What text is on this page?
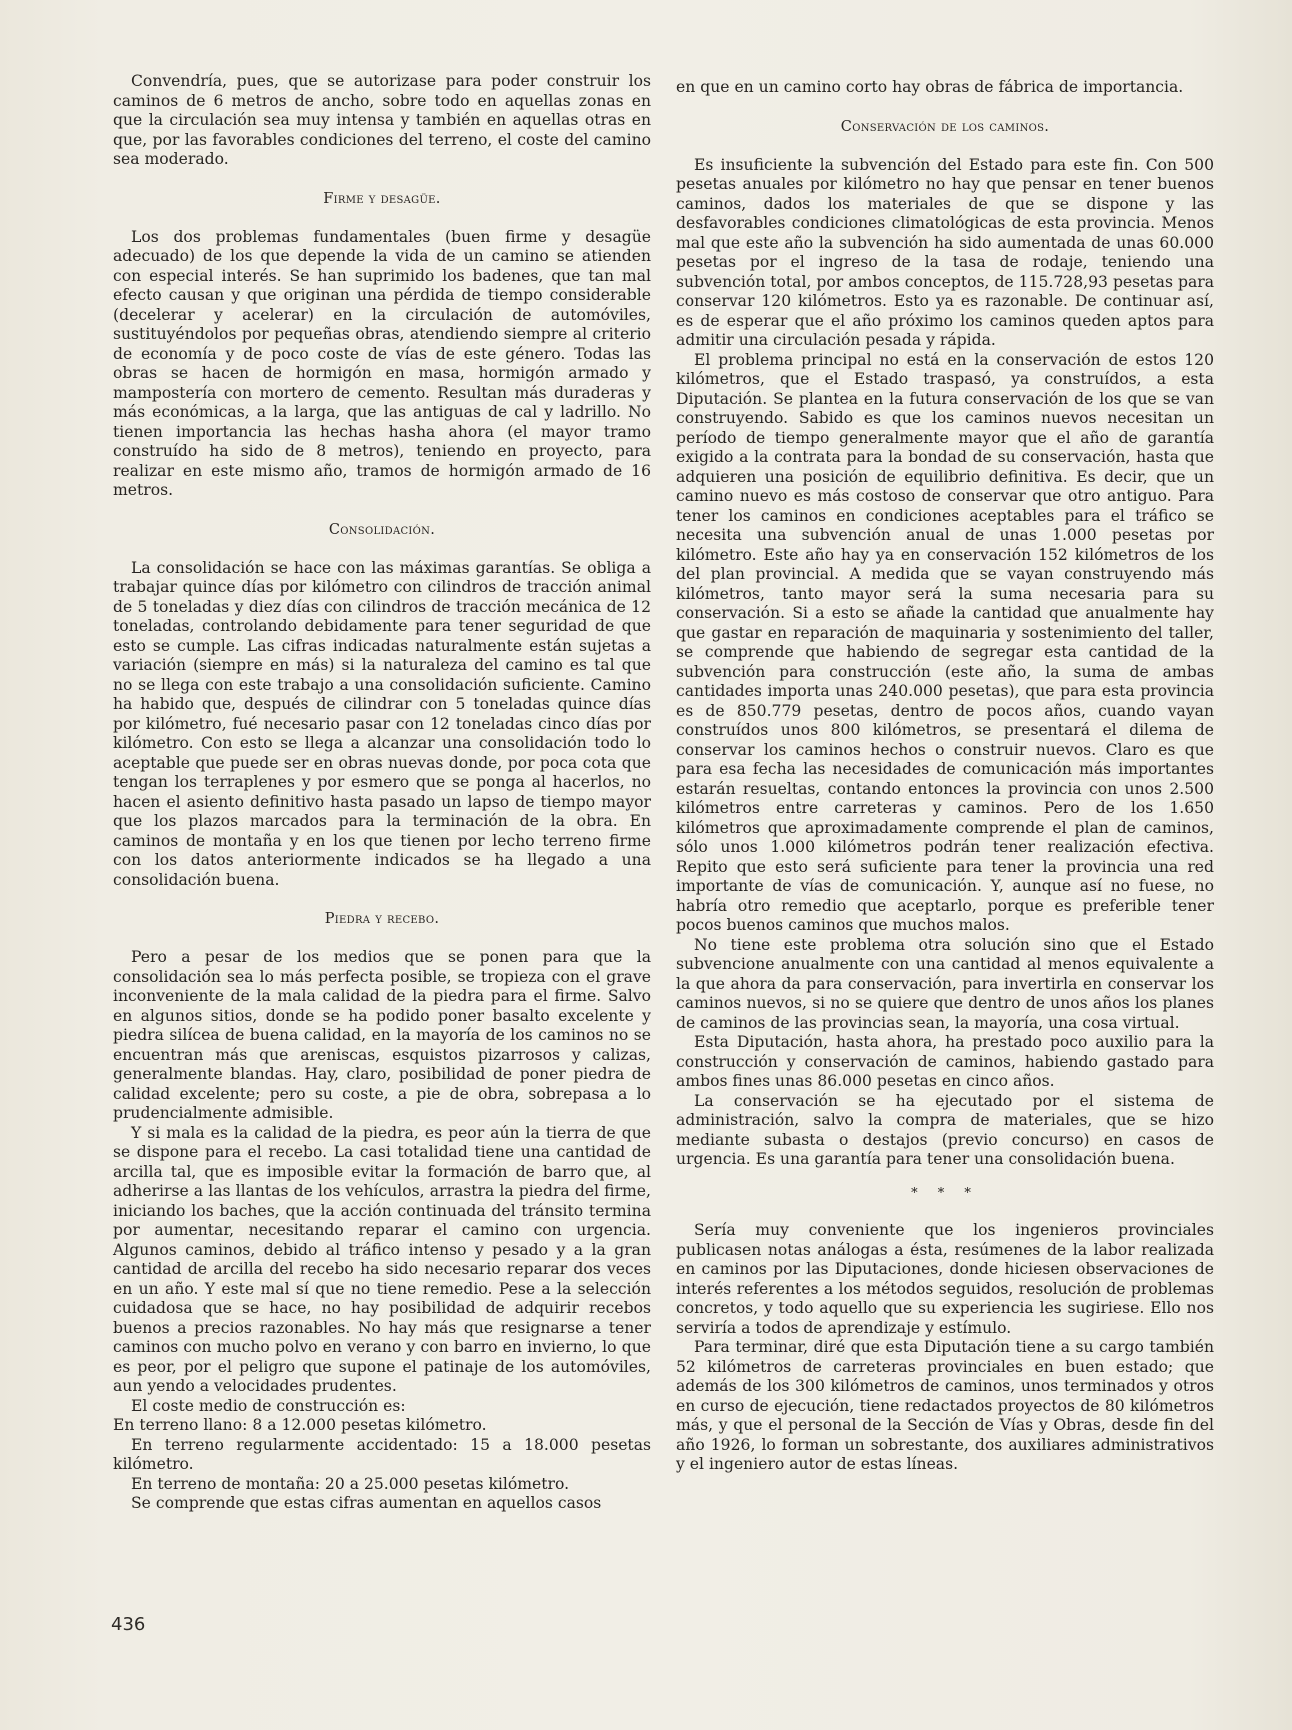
Convendría, pues, que se autorizase para poder construir los caminos de 6 metros de ancho, sobre todo en aquellas zonas en que la circulación sea muy intensa y también en aquellas otras en que, por las favorables condiciones del terreno, el coste del camino sea moderado.

Firme y desagüe.

Los dos problemas fundamentales (buen firme y desagüe adecuado) de los que depende la vida de un camino se atienden con especial interés. Se han suprimido los badenes, que tan mal efecto causan y que originan una pérdida de tiempo considerable (decelerar y acelerar) en la circulación de automóviles, sustituyéndolos por pequeñas obras, atendiendo siempre al criterio de economía y de poco coste de vías de este género. Todas las obras se hacen de hormigón en masa, hormigón armado y mampostería con mortero de cemento. Resultan más duraderas y más económicas, a la larga, que las antiguas de cal y ladrillo. No tienen importancia las hechas hasha ahora (el mayor tramo construído ha sido de 8 metros), teniendo en proyecto, para realizar en este mismo año, tramos de hormigón armado de 16 metros.

Consolidación.

La consolidación se hace con las máximas garantías. Se obliga a trabajar quince días por kilómetro con cilindros de tracción animal de 5 toneladas y diez días con cilindros de tracción mecánica de 12 toneladas, controlando debidamente para tener seguridad de que esto se cumple. Las cifras indicadas naturalmente están sujetas a variación (siempre en más) si la naturaleza del camino es tal que no se llega con este trabajo a una consolidación suficiente. Camino ha habido que, después de cilindrar con 5 toneladas quince días por kilómetro, fué necesario pasar con 12 toneladas cinco días por kilómetro. Con esto se llega a alcanzar una consolidación todo lo aceptable que puede ser en obras nuevas donde, por poca cota que tengan los terraplenes y por esmero que se ponga al hacerlos, no hacen el asiento definitivo hasta pasado un lapso de tiempo mayor que los plazos marcados para la terminación de la obra. En caminos de montaña y en los que tienen por lecho terreno firme con los datos anteriormente indicados se ha llegado a una consolidación buena.

Piedra y recebo.

Pero a pesar de los medios que se ponen para que la consolidación sea lo más perfecta posible, se tropieza con el grave inconveniente de la mala calidad de la piedra para el firme. Salvo en algunos sitios, donde se ha podido poner basalto excelente y piedra silícea de buena calidad, en la mayoría de los caminos no se encuentran más que areniscas, esquistos pizarrosos y calizas, generalmente blandas. Hay, claro, posibilidad de poner piedra de calidad excelente; pero su coste, a pie de obra, sobrepasa a lo prudencialmente admisible.

Y si mala es la calidad de la piedra, es peor aún la tierra de que se dispone para el recebo. La casi totalidad tiene una cantidad de arcilla tal, que es imposible evitar la formación de barro que, al adherirse a las llantas de los vehículos, arrastra la piedra del firme, iniciando los baches, que la acción continuada del tránsito termina por aumentar, necesitando reparar el camino con urgencia. Algunos caminos, debido al tráfico intenso y pesado y a la gran cantidad de arcilla del recebo ha sido necesario reparar dos veces en un año. Y este mal sí que no tiene remedio. Pese a la selección cuidadosa que se hace, no hay posibilidad de adquirir recebos buenos a precios razonables. No hay más que resignarse a tener caminos con mucho polvo en verano y con barro en invierno, lo que es peor, por el peligro que supone el patinaje de los automóviles, aun yendo a velocidades prudentes.

El coste medio de construcción es:

En terreno llano: 8 a 12.000 pesetas kilómetro.

En terreno regularmente accidentado: 15 a 18.000 pesetas kilómetro.

En terreno de montaña: 20 a 25.000 pesetas kilómetro.

Se comprende que estas cifras aumentan en aquellos casos

en que en un camino corto hay obras de fábrica de importancia.

Conservación de los caminos.

Es insuficiente la subvención del Estado para este fin. Con 500 pesetas anuales por kilómetro no hay que pensar en tener buenos caminos, dados los materiales de que se dispone y las desfavorables condiciones climatológicas de esta provincia. Menos mal que este año la subvención ha sido aumentada de unas 60.000 pesetas por el ingreso de la tasa de rodaje, teniendo una subvención total, por ambos conceptos, de 115.728,93 pesetas para conservar 120 kilómetros. Esto ya es razonable. De continuar así, es de esperar que el año próximo los caminos queden aptos para admitir una circulación pesada y rápida.

El problema principal no está en la conservación de estos 120 kilómetros, que el Estado traspasó, ya construídos, a esta Diputación. Se plantea en la futura conservación de los que se van construyendo. Sabido es que los caminos nuevos necesitan un período de tiempo generalmente mayor que el año de garantía exigido a la contrata para la bondad de su conservación, hasta que adquieren una posición de equilibrio definitiva. Es decir, que un camino nuevo es más costoso de conservar que otro antiguo. Para tener los caminos en condiciones aceptables para el tráfico se necesita una subvención anual de unas 1.000 pesetas por kilómetro. Este año hay ya en conservación 152 kilómetros de los del plan provincial. A medida que se vayan construyendo más kilómetros, tanto mayor será la suma necesaria para su conservación. Si a esto se añade la cantidad que anualmente hay que gastar en reparación de maquinaria y sostenimiento del taller, se comprende que habiendo de segregar esta cantidad de la subvención para construcción (este año, la suma de ambas cantidades importa unas 240.000 pesetas), que para esta provincia es de 850.779 pesetas, dentro de pocos años, cuando vayan construídos unos 800 kilómetros, se presentará el dilema de conservar los caminos hechos o construir nuevos. Claro es que para esa fecha las necesidades de comunicación más importantes estarán resueltas, contando entonces la provincia con unos 2.500 kilómetros entre carreteras y caminos. Pero de los 1.650 kilómetros que aproximadamente comprende el plan de caminos, sólo unos 1.000 kilómetros podrán tener realización efectiva. Repito que esto será suficiente para tener la provincia una red importante de vías de comunicación. Y, aunque así no fuese, no habría otro remedio que aceptarlo, porque es preferible tener pocos buenos caminos que muchos malos.

No tiene este problema otra solución sino que el Estado subvencione anualmente con una cantidad al menos equivalente a la que ahora da para conservación, para invertirla en conservar los caminos nuevos, si no se quiere que dentro de unos años los planes de caminos de las provincias sean, la mayoría, una cosa virtual.

Esta Diputación, hasta ahora, ha prestado poco auxilio para la construcción y conservación de caminos, habiendo gastado para ambos fines unas 86.000 pesetas en cinco años.

La conservación se ha ejecutado por el sistema de administración, salvo la compra de materiales, que se hizo mediante subasta o destajos (previo concurso) en casos de urgencia. Es una garantía para tener una consolidación buena.

* * *

Sería muy conveniente que los ingenieros provinciales publicasen notas análogas a ésta, resúmenes de la labor realizada en caminos por las Diputaciones, donde hiciesen observaciones de interés referentes a los métodos seguidos, resolución de problemas concretos, y todo aquello que su experiencia les sugiriese. Ello nos serviría a todos de aprendizaje y estímulo.

Para terminar, diré que esta Diputación tiene a su cargo también 52 kilómetros de carreteras provinciales en buen estado; que además de los 300 kilómetros de caminos, unos terminados y otros en curso de ejecución, tiene redactados proyectos de 80 kilómetros más, y que el personal de la Sección de Vías y Obras, desde fin del año 1926, lo forman un sobrestante, dos auxiliares administrativos y el ingeniero autor de estas líneas.

436
